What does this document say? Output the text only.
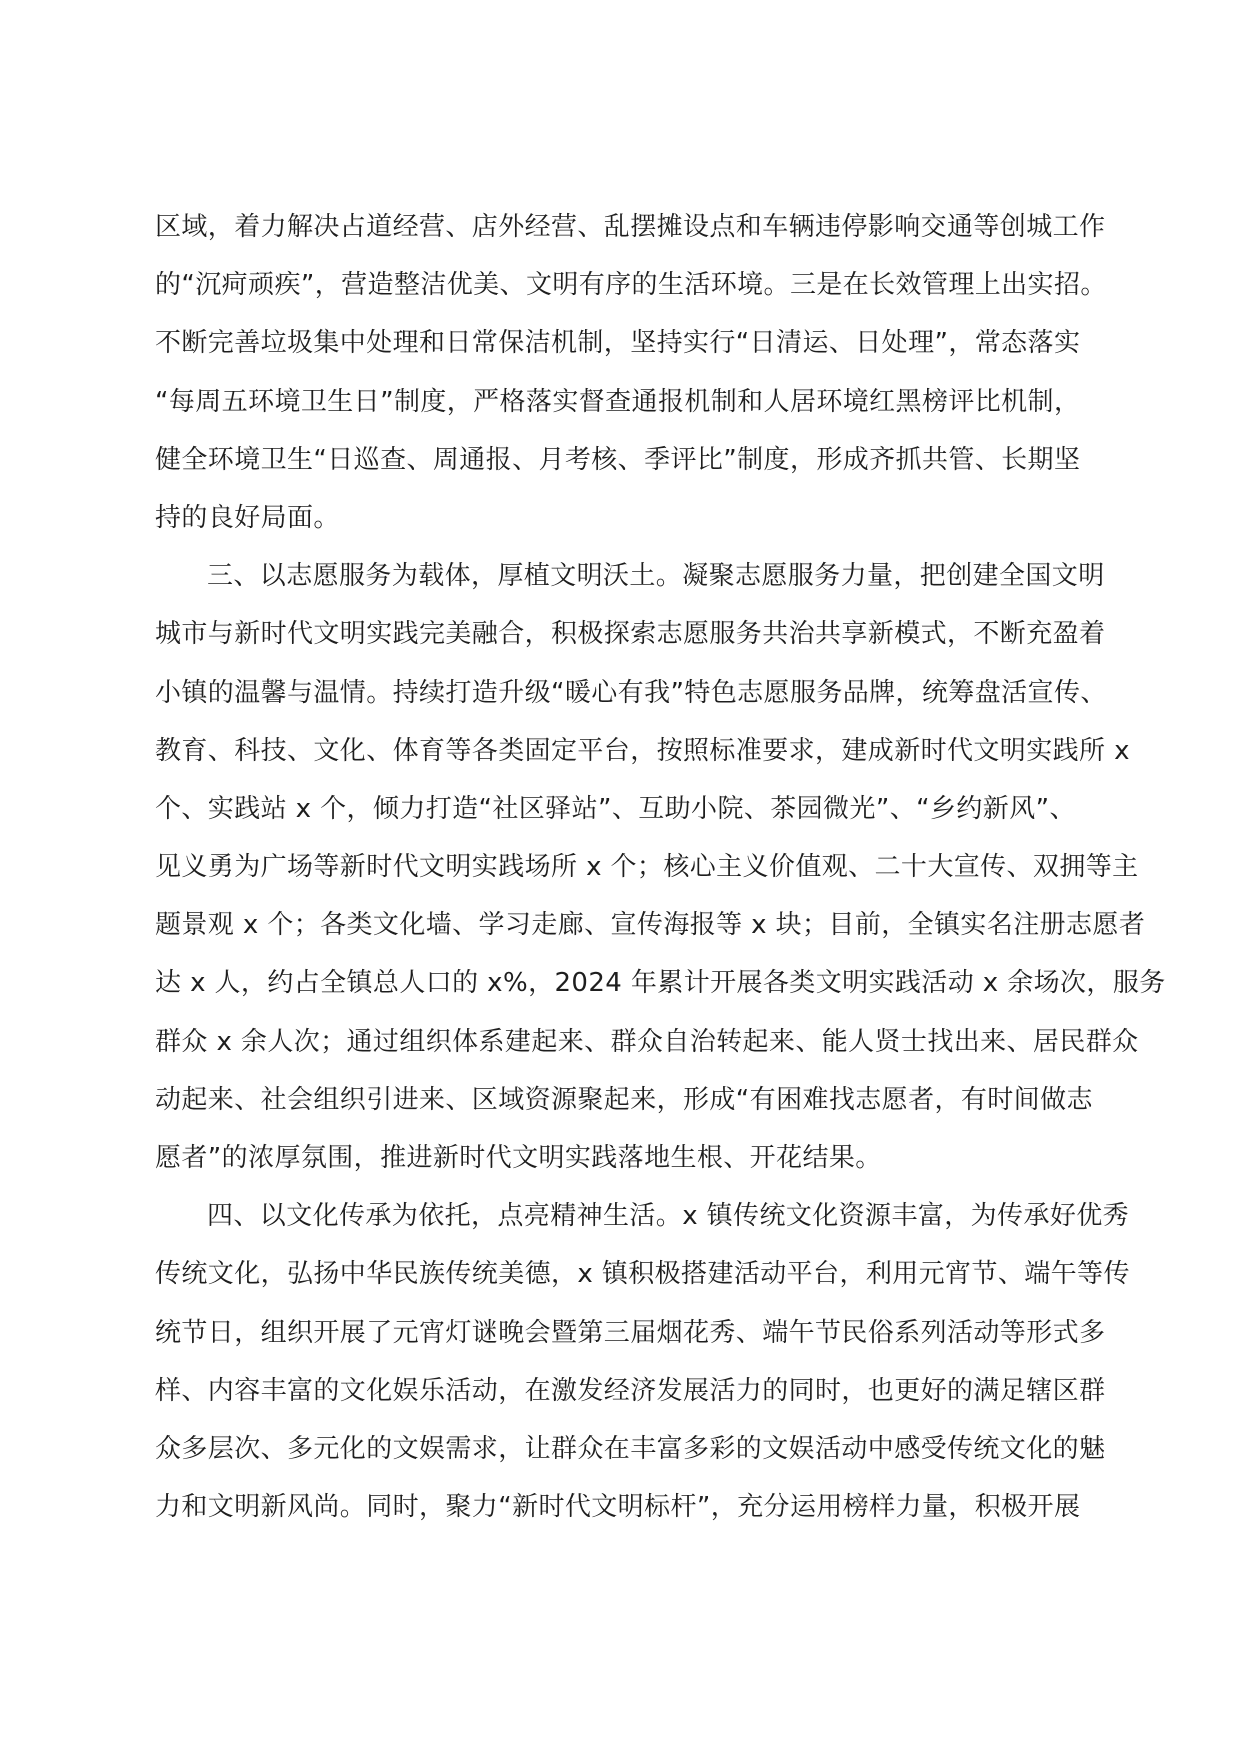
区域，着力解决占道经营、店外经营、乱摆摊设点和车辆违停影响交通等创城工作
的“沉疴顽疾”，营造整洁优美、文明有序的生活环境。三是在长效管理上出实招。
不断完善垃圾集中处理和日常保洁机制，坚持实行“日清运、日处理”，常态落实
“每周五环境卫生日”制度，严格落实督查通报机制和人居环境红黑榜评比机制，
健全环境卫生“日巡查、周通报、月考核、季评比”制度，形成齐抓共管、长期坚
持的良好局面。
三、以志愿服务为载体，厚植文明沃土。凝聚志愿服务力量，把创建全国文明
城市与新时代文明实践完美融合，积极探索志愿服务共治共享新模式，不断充盈着
小镇的温馨与温情。持续打造升级“暖心有我”特色志愿服务品牌，统筹盘活宣传、
教育、科技、文化、体育等各类固定平台，按照标准要求，建成新时代文明实践所 x
个、实践站 x 个，倾力打造“社区驿站”、互助小院、茶园微光”、“乡约新风”、
见义勇为广场等新时代文明实践场所 x 个；核心主义价值观、二十大宣传、双拥等主
题景观 x 个；各类文化墙、学习走廊、宣传海报等 x 块；目前，全镇实名注册志愿者
达 x 人，约占全镇总人口的 x%，2024 年累计开展各类文明实践活动 x 余场次，服务
群众 x 余人次；通过组织体系建起来、群众自治转起来、能人贤士找出来、居民群众
动起来、社会组织引进来、区域资源聚起来，形成“有困难找志愿者，有时间做志
愿者”的浓厚氛围，推进新时代文明实践落地生根、开花结果。
四、以文化传承为依托，点亮精神生活。x 镇传统文化资源丰富，为传承好优秀
传统文化，弘扬中华民族传统美德，x 镇积极搭建活动平台，利用元宵节、端午等传
统节日，组织开展了元宵灯谜晚会暨第三届烟花秀、端午节民俗系列活动等形式多
样、内容丰富的文化娱乐活动，在激发经济发展活力的同时，也更好的满足辖区群
众多层次、多元化的文娱需求，让群众在丰富多彩的文娱活动中感受传统文化的魅
力和文明新风尚。同时，聚力“新时代文明标杆”，充分运用榜样力量，积极开展
